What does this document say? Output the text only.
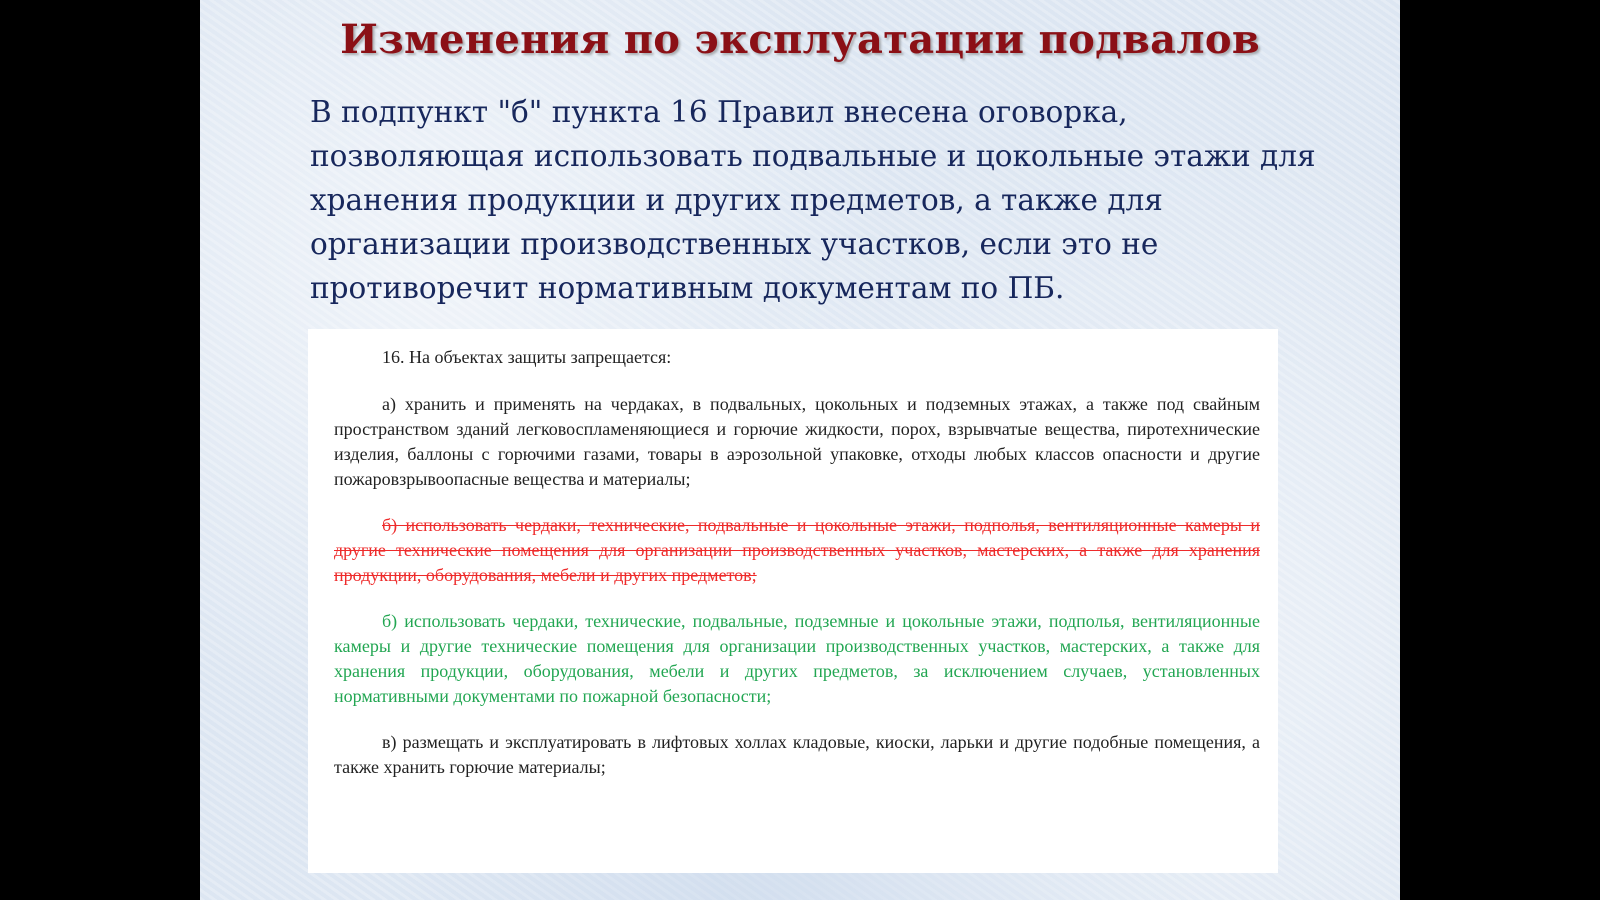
Изменения по эксплуатации подвалов

В подпункт "б" пункта 16 Правил внесена оговорка, позволяющая использовать подвальные и цокольные этажи для хранения продукции и других предметов, а также для организации производственных участков, если это не противоречит нормативным документам по ПБ.

16. На объектах защиты запрещается:

а) хранить и применять на чердаках, в подвальных, цокольных и подземных этажах, а также под свайным пространством зданий легковоспламеняющиеся и горючие жидкости, порох, взрывчатые вещества, пиротехнические изделия, баллоны с горючими газами, товары в аэрозольной упаковке, отходы любых классов опасности и другие пожаровзрывоопасные вещества и материалы;

б) использовать чердаки, технические, подвальные и цокольные этажи, подполья, вентиляционные камеры и другие технические помещения для организации производственных участков, мастерских, а также для хранения продукции, оборудования, мебели и других предметов;

б) использовать чердаки, технические, подвальные, подземные и цокольные этажи, подполья, вентиляционные камеры и другие технические помещения для организации производственных участков, мастерских, а также для хранения продукции, оборудования, мебели и других предметов, за исключением случаев, установленных нормативными документами по пожарной безопасности;

в) размещать и эксплуатировать в лифтовых холлах кладовые, киоски, ларьки и другие подобные помещения, а также хранить горючие материалы;
